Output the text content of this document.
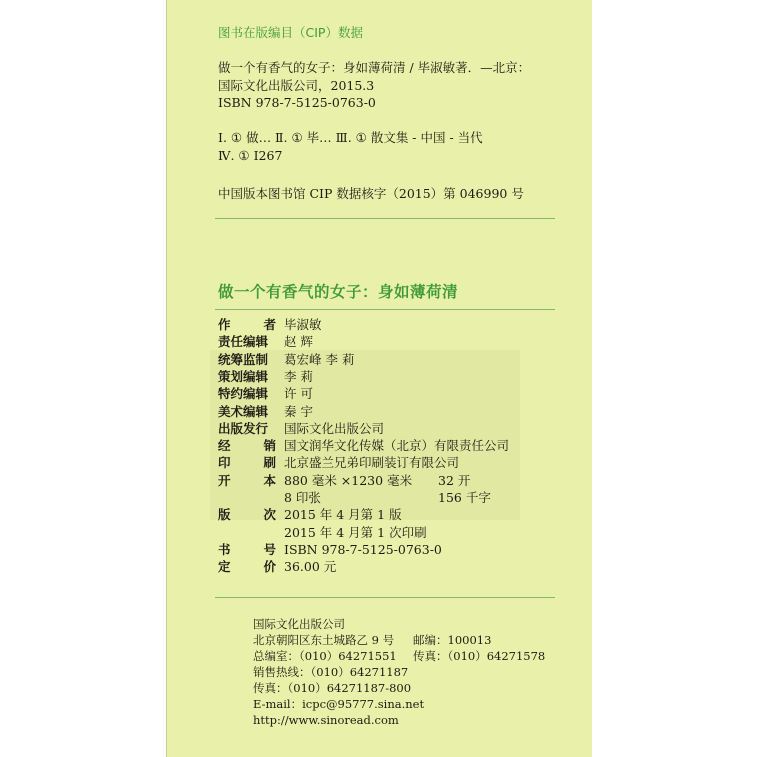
图书在版编目（CIP）数据
做一个有香气的女子：身如薄荷清 / 毕淑敏著．—北京：
国际文化出版公司，2015.3
ISBN 978-7-5125-0763-0
Ⅰ. ① 做… Ⅱ. ① 毕… Ⅲ. ① 散文集 - 中国 - 当代
Ⅳ. ① I267
中国版本图书馆 CIP 数据核字（2015）第 046990 号
做一个有香气的女子：身如薄荷清
作	者 毕淑敏
责任编辑	赵 辉
统筹监制	葛宏峰 李 莉
策划编辑	李 莉
特约编辑	许 可
美术编辑	秦 宇
出版发行	国际文化出版公司
经	销 国文润华文化传媒（北京）有限责任公司
印	刷 北京盛兰兄弟印刷装订有限公司
开	本 880 毫米 ×1230 毫米 32 开
8 印张	156 千字
版	次 2015 年 4 月第 1 版
2015 年 4 月第 1 次印刷
书	号 ISBN 978-7-5125-0763-0
定	价 36.00 元
国际文化出版公司
北京朝阳区东土城路乙 9 号 邮编：100013
总编室：（010）64271551 传真：（010）64271578
销售热线：（010）64271187
传真：（010）64271187-800
E-mail：icpc@95777.sina.net
http://www.sinoread.com
